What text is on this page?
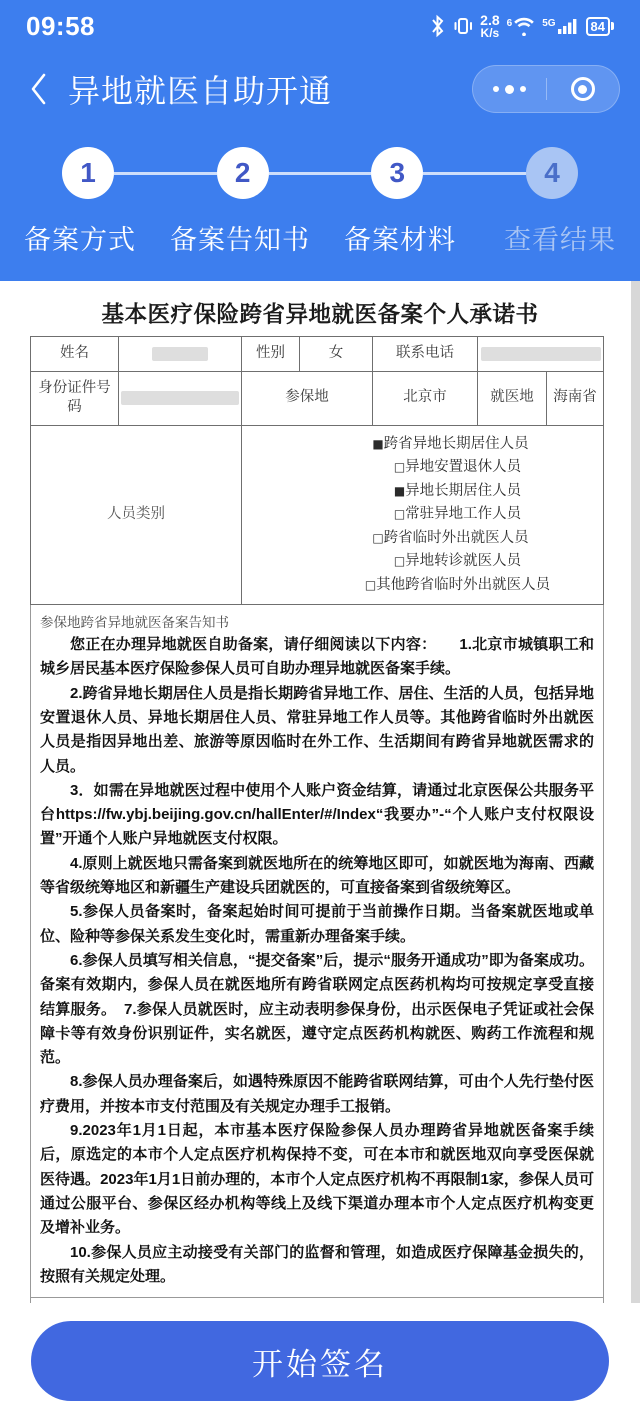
09:58	2.8
K/s
6	5G	84
异地就医自助开通
1	2	3	4
备案方式	备案告知书	备案材料	查看结果
基本医疗保险跨省异地就医备案个人承诺书
姓名		性别	女	联系电话		
身份证件号码		参保地		北京市	就医地	海南省
人员类别	
■跨省异地长期居住人员
□异地安置退休人员
■异地长期居住人员
□常驻异地工作人员
□跨省临时外出就医人员
□异地转诊就医人员
□其他跨省临时外出就医人员
参保地跨省异地就医备案告知书

您正在办理异地就医自助备案，请仔细阅读以下内容：　　1.北京市城镇职工和城乡居民基本医疗保险参保人员可自助办理异地就医备案手续。

2.跨省异地长期居住人员是指长期跨省异地工作、居住、生活的人员，包括异地安置退休人员、异地长期居住人员、常驻异地工作人员等。其他跨省临时外出就医人员是指因异地出差、旅游等原因临时在外工作、生活期间有跨省异地就医需求的人员。

3．如需在异地就医过程中使用个人账户资金结算，请通过北京医保公共服务平台https://fw.ybj.beijing.gov.cn/hallEnter/#/Index“我要办”-“个人账户支付权限设置”开通个人账户异地就医支付权限。

4.原则上就医地只需备案到就医地所在的统筹地区即可，如就医地为海南、西藏等省级统筹地区和新疆生产建设兵团就医的，可直接备案到省级统筹区。

5.参保人员备案时，备案起始时间可提前于当前操作日期。当备案就医地或单位、险种等参保关系发生变化时，需重新办理备案手续。

6.参保人员填写相关信息，“提交备案”后，提示“服务开通成功”即为备案成功。备案有效期内，参保人员在就医地所有跨省联网定点医药机构均可按规定享受直接结算服务。　7.参保人员就医时，应主动表明参保身份，出示医保电子凭证或社会保障卡等有效身份识别证件，实名就医，遵守定点医药机构就医、购药工作流程和规范。

8.参保人员办理备案后，如遇特殊原因不能跨省联网结算，可由个人先行垫付医疗费用，并按本市支付范围及有关规定办理手工报销。

9.2023年1月1日起，本市基本医疗保险参保人员办理跨省异地就医备案手续后，原选定的本市个人定点医疗机构保持不变，可在本市和就医地双向享受医保就医待遇。2023年1月1日前办理的，本市个人定点医疗机构不再限制1家，参保人员可通过公服平台、参保区经办机构等线上及线下渠道办理本市个人定点医疗机构变更及增补业务。

10.参保人员应主动接受有关部门的监督和管理，如造成医疗保障基金损失的，按照有关规定处理。

开始签名
